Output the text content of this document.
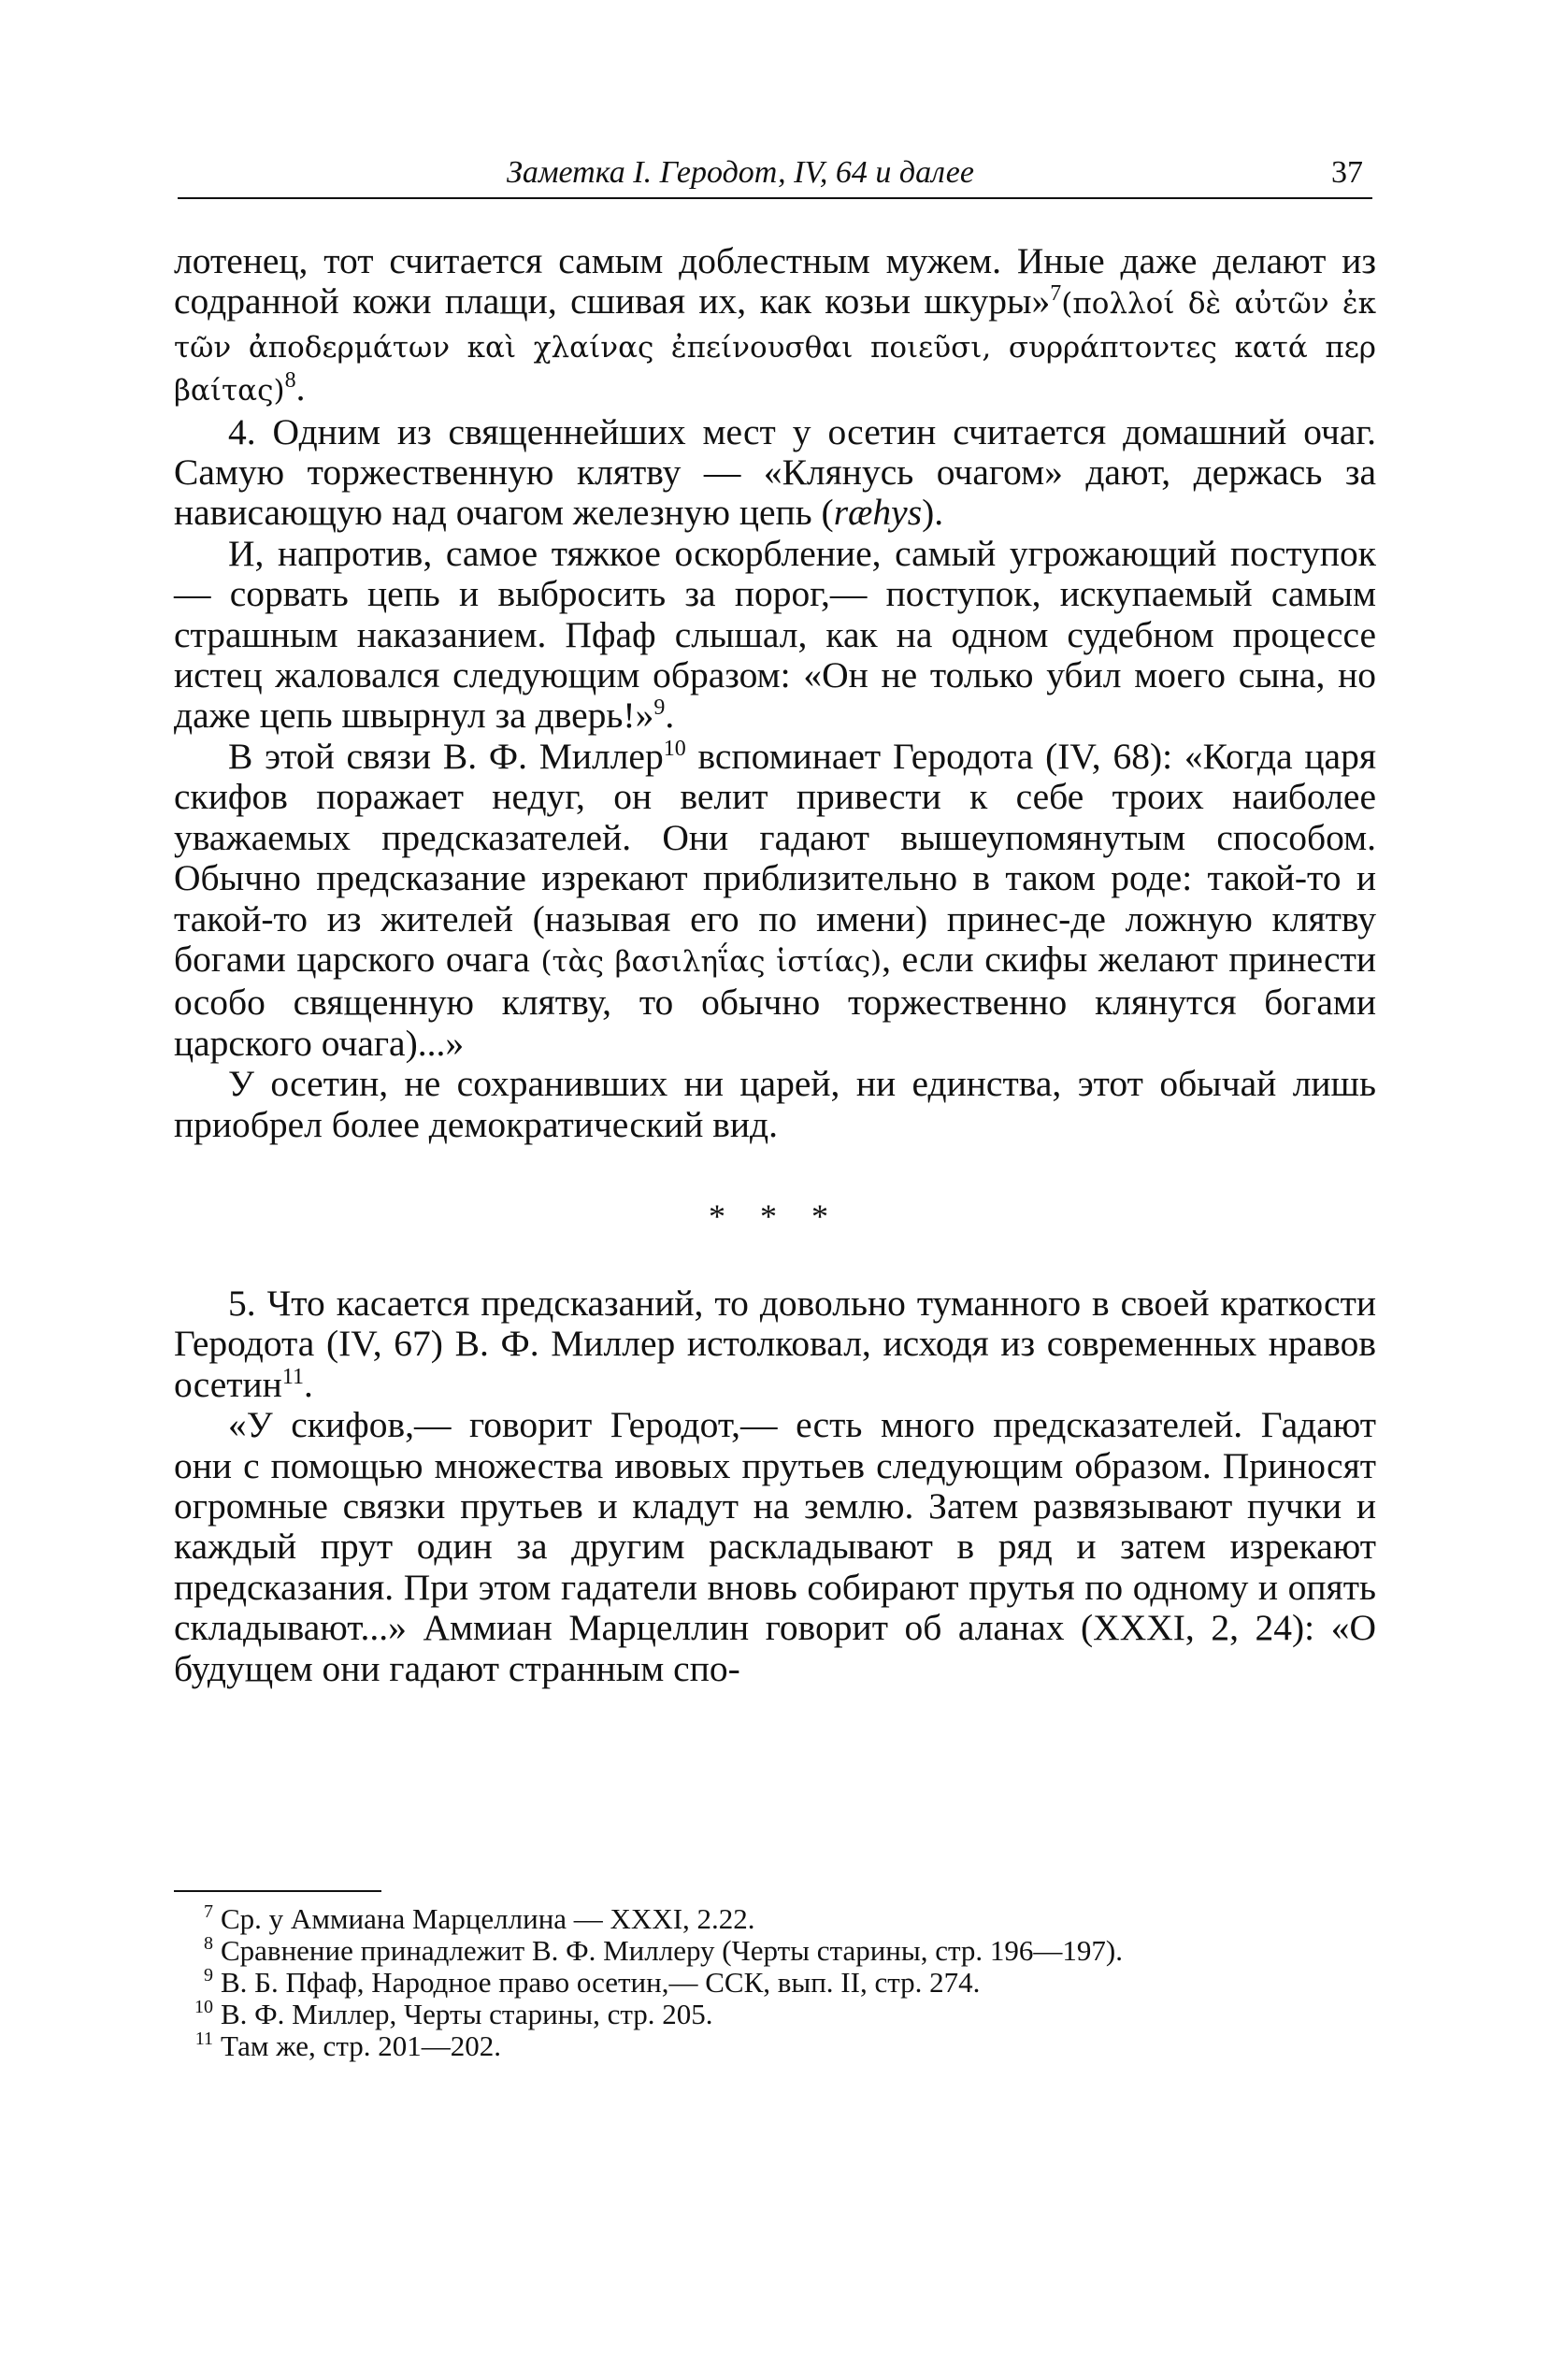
Заметка I. Геродот, IV, 64 и далее	37

лотенец, тот считается самым доблестным мужем. Иные даже делают из содранной кожи плащи, сшивая их, как козьи шкуры»$^7$(πολλοί δὲ αὐτῶν ἐκ τῶν ἀποδερμάτων καὶ χλαίνας ἐπείνουσθαι ποιεῦσι, συρράπτοντες κατά περ βαίτας)$^8$.

4. Одним из священнейших мест у осетин считается домашний очаг. Самую торжественную клятву — «Клянусь очагом» дают, держась за нависающую над очагом железную цепь (ræhys).

И, напротив, самое тяжкое оскорбление, самый угрожающий поступок — сорвать цепь и выбросить за порог,— поступок, искупаемый самым страшным наказанием. Пфаф слышал, как на одном судебном процессе истец жаловался следующим образом: «Он не только убил моего сына, но даже цепь швырнул за дверь!»$^9$.

В этой связи В. Ф. Миллер$^{10}$ вспоминает Геродота (IV, 68): «Когда царя скифов поражает недуг, он велит привести к себе троих наиболее уважаемых предсказателей. Они гадают вышеупомянутым способом. Обычно предсказание изрекают приблизительно в таком роде: такой-то и такой-то из жителей (называя его по имени) принес-де ложную клятву богами царского очага (τὰς βασιληΐας ἱστίας), если скифы желают принести особо священную клятву, то обычно торжественно клянутся богами царского очага)...»

У осетин, не сохранивших ни царей, ни единства, этот обычай лишь приобрел более демократический вид.

* * *

5. Что касается предсказаний, то довольно туманного в своей краткости Геродота (IV, 67) В. Ф. Миллер истолковал, исходя из современных нравов осетин$^{11}$.

«У скифов,— говорит Геродот,— есть много предсказателей. Гадают они с помощью множества ивовых прутьев следующим образом. Приносят огромные связки прутьев и кладут на землю. Затем развязывают пучки и каждый прут один за другим раскладывают в ряд и затем изрекают предсказания. При этом гадатели вновь собирают прутья по одному и опять складывают...» Аммиан Марцеллин говорит об аланах (XXXI, 2, 24): «О будущем они гадают странным спо-

$^7$ Ср. у Аммиана Марцеллина — XXXI, 2.22.

$^8$ Сравнение принадлежит В. Ф. Миллеру (Черты старины, стр. 196—197).

$^9$ В. Б. Пфаф, Народное право осетин,— ССК, вып. II, стр. 274.

$^{10}$ В. Ф. Миллер, Черты старины, стр. 205.

$^{11}$ Там же, стр. 201—202.
